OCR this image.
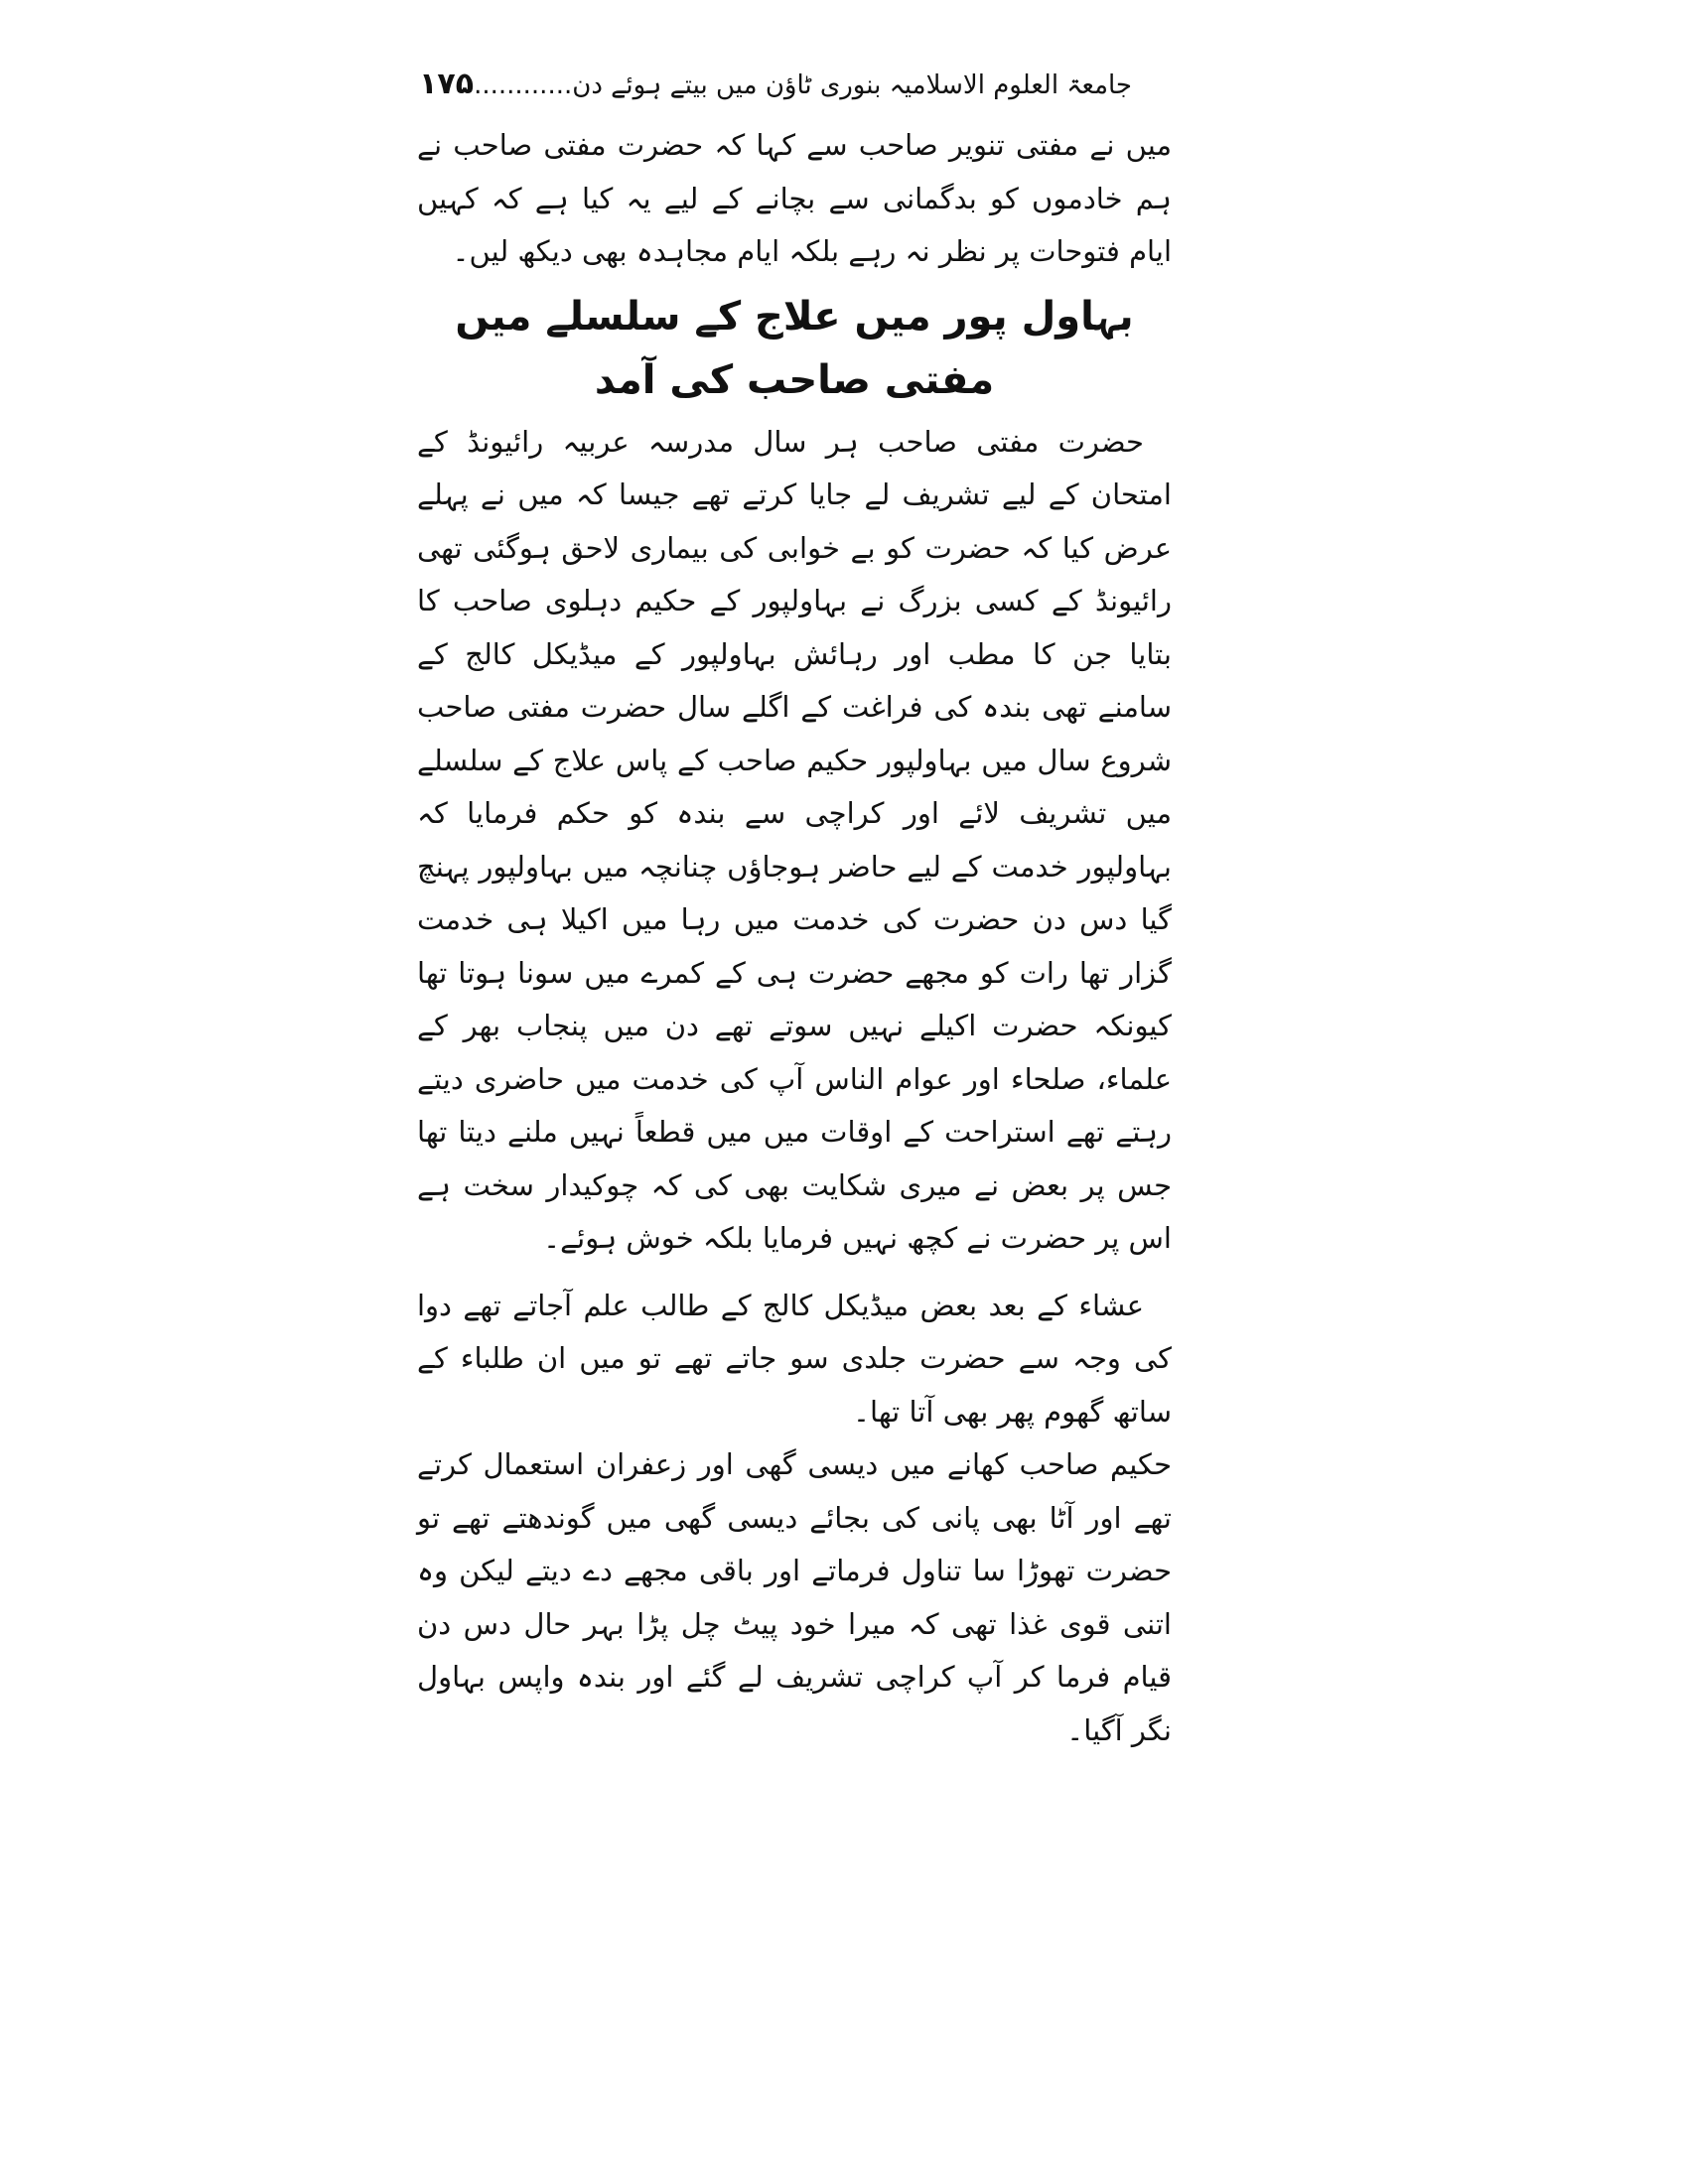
جامعۃ العلوم الاسلامیہ بنوری ٹاؤن میں بیتے ہوئے دن............۱۷۵

میں نے مفتی تنویر صاحب سے کہا کہ حضرت مفتی صاحب نے ہم خادموں کو بدگمانی سے بچانے کے لیے یہ کیا ہے کہ کہیں ایام فتوحات پر نظر نہ رہے بلکہ ایام مجاہدہ بھی دیکھ لیں۔

بہاول پور میں علاج کے سلسلے میں مفتی صاحب کی آمد

حضرت مفتی صاحب ہر سال مدرسہ عربیہ رائیونڈ کے امتحان کے لیے تشریف لے جایا کرتے تھے جیسا کہ میں نے پہلے عرض کیا کہ حضرت کو بے خوابی کی بیماری لاحق ہوگئی تھی رائیونڈ کے کسی بزرگ نے بہاولپور کے حکیم دہلوی صاحب کا بتایا جن کا مطب اور رہائش بہاولپور کے میڈیکل کالج کے سامنے تھی بندہ کی فراغت کے اگلے سال حضرت مفتی صاحب شروع سال میں بہاولپور حکیم صاحب کے پاس علاج کے سلسلے میں تشریف لائے اور کراچی سے بندہ کو حکم فرمایا کہ بہاولپور خدمت کے لیے حاضر ہوجاؤں چنانچہ میں بہاولپور پہنچ گیا دس دن حضرت کی خدمت میں رہا میں اکیلا ہی خدمت گزار تھا رات کو مجھے حضرت ہی کے کمرے میں سونا ہوتا تھا کیونکہ حضرت اکیلے نہیں سوتے تھے دن میں پنجاب بھر کے علماء، صلحاء اور عوام الناس آپ کی خدمت میں حاضری دیتے رہتے تھے استراحت کے اوقات میں میں قطعاً نہیں ملنے دیتا تھا جس پر بعض نے میری شکایت بھی کی کہ چوکیدار سخت ہے اس پر حضرت نے کچھ نہیں فرمایا بلکہ خوش ہوئے۔

عشاء کے بعد بعض میڈیکل کالج کے طالب علم آجاتے تھے دوا کی وجہ سے حضرت جلدی سو جاتے تھے تو میں ان طلباء کے ساتھ گھوم پھر بھی آتا تھا۔

حکیم صاحب کھانے میں دیسی گھی اور زعفران استعمال کرتے تھے اور آٹا بھی پانی کی بجائے دیسی گھی میں گوندھتے تھے تو حضرت تھوڑا سا تناول فرماتے اور باقی مجھے دے دیتے لیکن وہ اتنی قوی غذا تھی کہ میرا خود پیٹ چل پڑا بہر حال دس دن قیام فرما کر آپ کراچی تشریف لے گئے اور بندہ واپس بہاول نگر آگیا۔
